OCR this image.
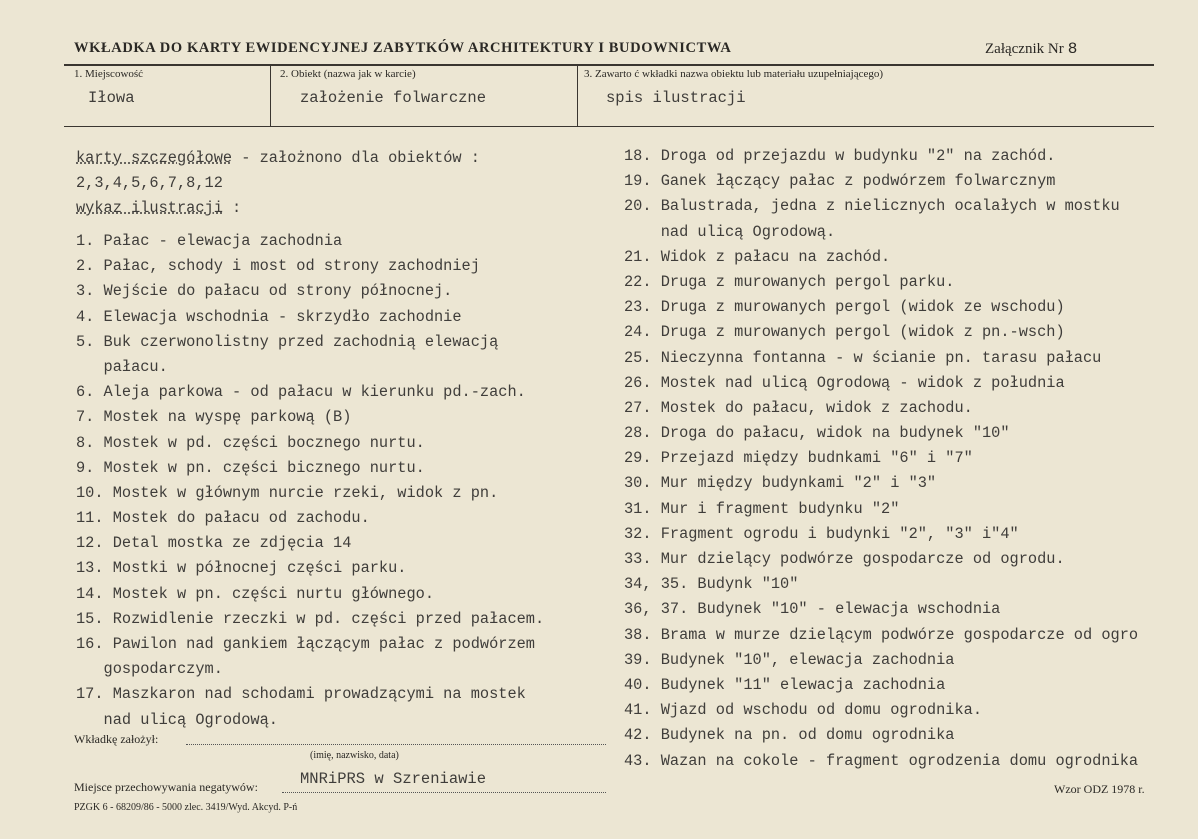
WKŁADKA DO KARTY EWIDENCYJNEJ ZABYTKÓW ARCHITEKTURY I BUDOWNICTWA	Załącznik Nr 8
1. Miejscowość
Iłowa
2. Obiekt (nazwa jak w karcie)
założenie folwarczne
3. Zawarto ć wkładki nazwa obiektu lub materiału uzupełniającego)
spis ilustracji
karty szczegółowe - założnono dla obiektów :
2,3,4,5,6,7,8,12
wykaz ilustracji :
1. Pałac - elewacja zachodnia
2. Pałac, schody i most od strony zachodniej
3. Wejście do pałacu od strony północnej.
4. Elewacja wschodnia - skrzydło zachodnie
5. Buk czerwonolistny przed zachodnią elewacją
pałacu.
6. Aleja parkowa - od pałacu w kierunku pd.-zach.
7. Mostek na wyspę parkową (B)
8. Mostek w pd. części bocznego nurtu.
9. Mostek w pn. części bicznego nurtu.
10. Mostek w głównym nurcie rzeki, widok z pn.
11. Mostek do pałacu od zachodu.
12. Detal mostka ze zdjęcia 14
13. Mostki w północnej części parku.
14. Mostek w pn. części nurtu głównego.
15. Rozwidlenie rzeczki w pd. części przed pałacem.
16. Pawilon nad gankiem łączącym pałac z podwórzem
gospodarczym.
17. Maszkaron nad schodami prowadzącymi na mostek
nad ulicą Ogrodową.
18. Droga od przejazdu w budynku "2" na zachód.
19. Ganek łączący pałac z podwórzem folwarcznym
20. Balustrada, jedna z nielicznych ocalałych w mostku
nad ulicą Ogrodową.
21. Widok z pałacu na zachód.
22. Druga z murowanych pergol parku.
23. Druga z murowanych pergol (widok ze wschodu)
24. Druga z murowanych pergol (widok z pn.-wsch)
25. Nieczynna fontanna - w ścianie pn. tarasu pałacu
26. Mostek nad ulicą Ogrodową - widok z południa
27. Mostek do pałacu, widok z zachodu.
28. Droga do pałacu, widok na budynek "10"
29. Przejazd między budnkami "6" i "7"
30. Mur między budynkami "2" i "3"
31. Mur i fragment budynku "2"
32. Fragment ogrodu i budynki "2", "3" i"4"
33. Mur dzielący podwórze gospodarcze od ogrodu.
34, 35. Budynk "10"
36, 37. Budynek "10" - elewacja wschodnia
38. Brama w murze dzielącym podwórze gospodarcze od ogro
39. Budynek "10", elewacja zachodnia
40. Budynek "11" elewacja zachodnia
41. Wjazd od wschodu od domu ogrodnika.
42. Budynek na pn. od domu ogrodnika
43. Wazan na cokole - fragment ogrodzenia domu ogrodnika
Wkładkę założył:
(imię, nazwisko, data)
Miejsce przechowywania negatywów:	MNRiPRS w Szreniawie
PZGK 6 - 68209/86 - 5000 zlec. 3419/Wyd. Akcyd. P-ń
Wzor ODZ 1978 r.
